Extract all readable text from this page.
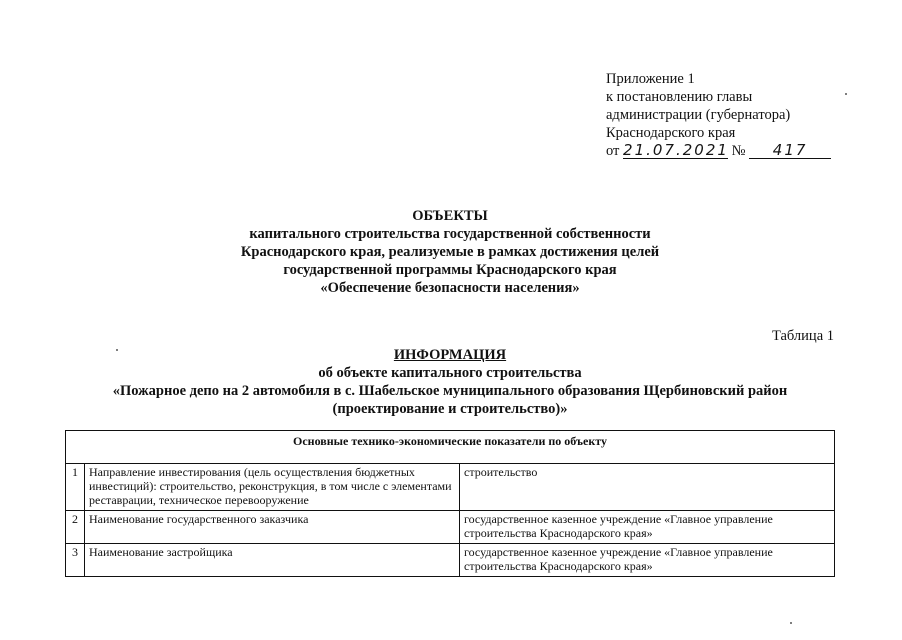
Приложение 1
к постановлению главы
администрации (губернатора)
Краснодарского края
от 21.07.2021 № 417
ОБЪЕКТЫ
капитального строительства государственной собственности
Краснодарского края, реализуемые в рамках достижения целей
государственной программы Краснодарского края
«Обеспечение безопасности населения»
Таблица 1
ИНФОРМАЦИЯ
об объекте капитального строительства
«Пожарное депо на 2 автомобиля в с. Шабельское муниципального образования Щербиновский район
(проектирование и строительство)»
Основные технико-экономические показатели по объекту		
1	Направление инвестирования (цель осуществления бюджетных инвестиций): строительство, реконструкция, в том числе с элементами реставрации, техническое перевооружение	строительство
2	Наименование государственного заказчика	государственное казенное учреждение «Главное управление строительства Краснодарского края»
3	Наименование застройщика	государственное казенное учреждение «Главное управление строительства Краснодарского края»
